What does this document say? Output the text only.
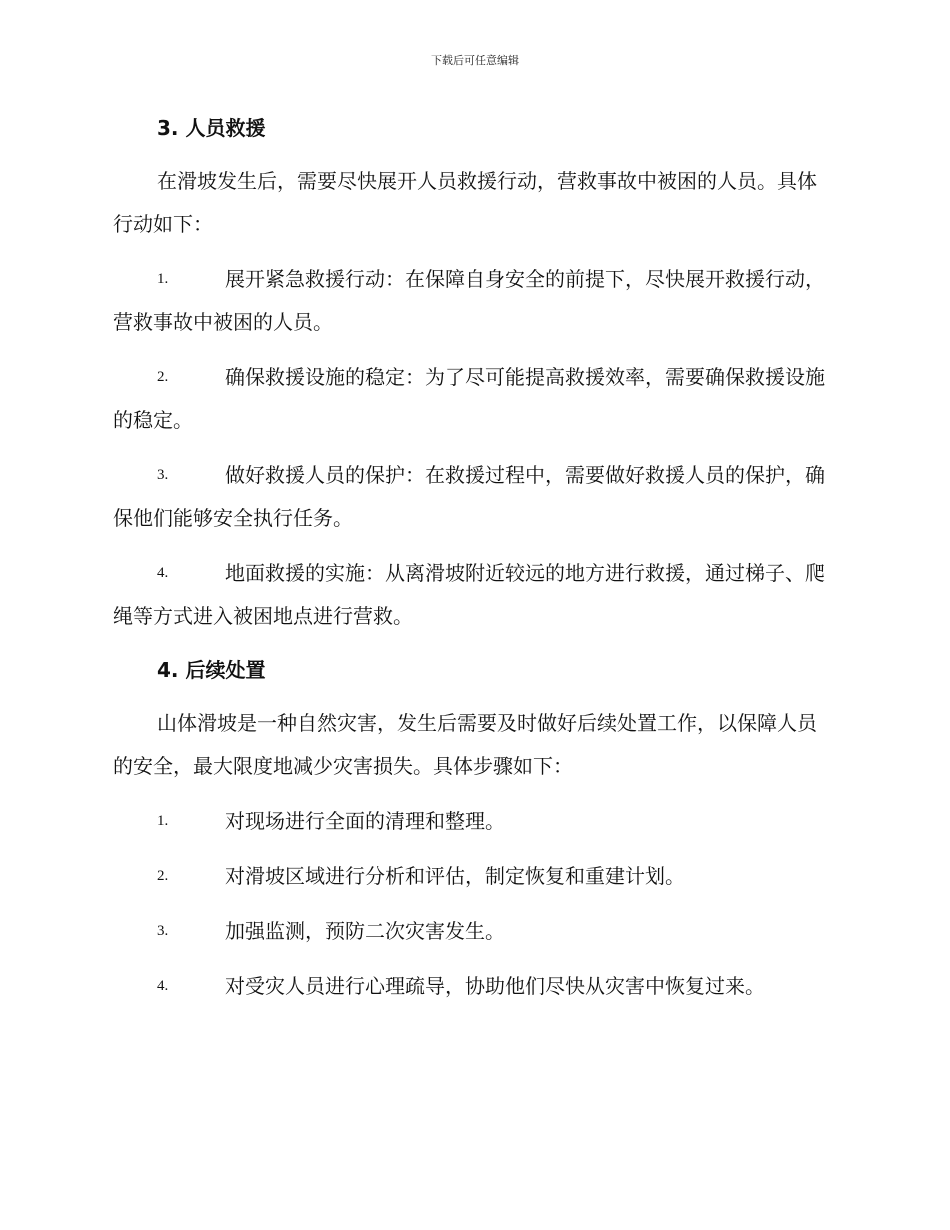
下载后可任意编辑
3. 人员救援

在滑坡发生后，需要尽快展开人员救援行动，营救事故中被困的人员。具体行动如下：

1.	展开紧急救援行动：在保障自身安全的前提下，尽快展开救援行动，营救事故中被困的人员。
2.	确保救援设施的稳定：为了尽可能提高救援效率，需要确保救援设施的稳定。
3.	做好救援人员的保护：在救援过程中，需要做好救援人员的保护，确保他们能够安全执行任务。
4.	地面救援的实施：从离滑坡附近较远的地方进行救援，通过梯子、爬绳等方式进入被困地点进行营救。
4. 后续处置

山体滑坡是一种自然灾害，发生后需要及时做好后续处置工作，以保障人员的安全，最大限度地减少灾害损失。具体步骤如下：

1.	对现场进行全面的清理和整理。
2.	对滑坡区域进行分析和评估，制定恢复和重建计划。
3.	加强监测，预防二次灾害发生。
4.	对受灾人员进行心理疏导，协助他们尽快从灾害中恢复过来。
